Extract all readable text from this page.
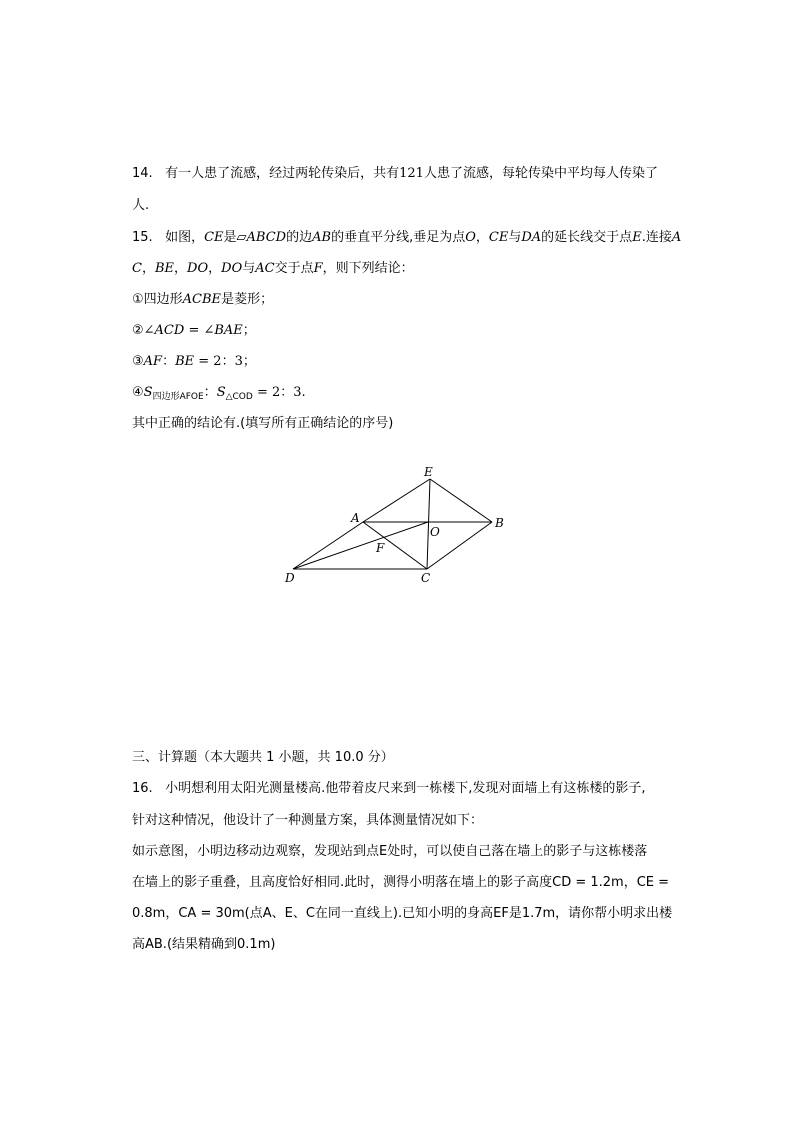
14. 有一人患了流感，经过两轮传染后，共有121人患了流感，每轮传染中平均每人传染了
人.
15. 如图，CE是▱ABCD的边AB的垂直平分线,垂足为点O，CE与DA的延长线交于点E.连接A
C，BE，DO，DO与AC交于点F，则下列结论：
①四边形ACBE是菱形；
②∠ACD = ∠BAE；
③AF：BE = 2：3；
$④S_{四边形AFOE}$：$S_{\triangle COD} = 2$：3.
其中正确的结论有.(填写所有正确结论的序号)
E
A	B
O
F
D	C
三、计算题（本大题共 1 小题，共 10.0 分）
16. 小明想利用太阳光测量楼高.他带着皮尺来到一栋楼下,发现对面墙上有这栋楼的影子,
针对这种情况，他设计了一种测量方案，具体测量情况如下：
如示意图，小明边移动边观察，发现站到点E处时，可以使自己落在墙上的影子与这栋楼落
在墙上的影子重叠，且高度恰好相同.此时，测得小明落在墙上的影子高度CD = 1.2m，CE =
0.8m，CA = 30m(点A、E、C在同一直线上).已知小明的身高EF是1.7m，请你帮小明求出楼
高AB.(结果精确到0.1m)
